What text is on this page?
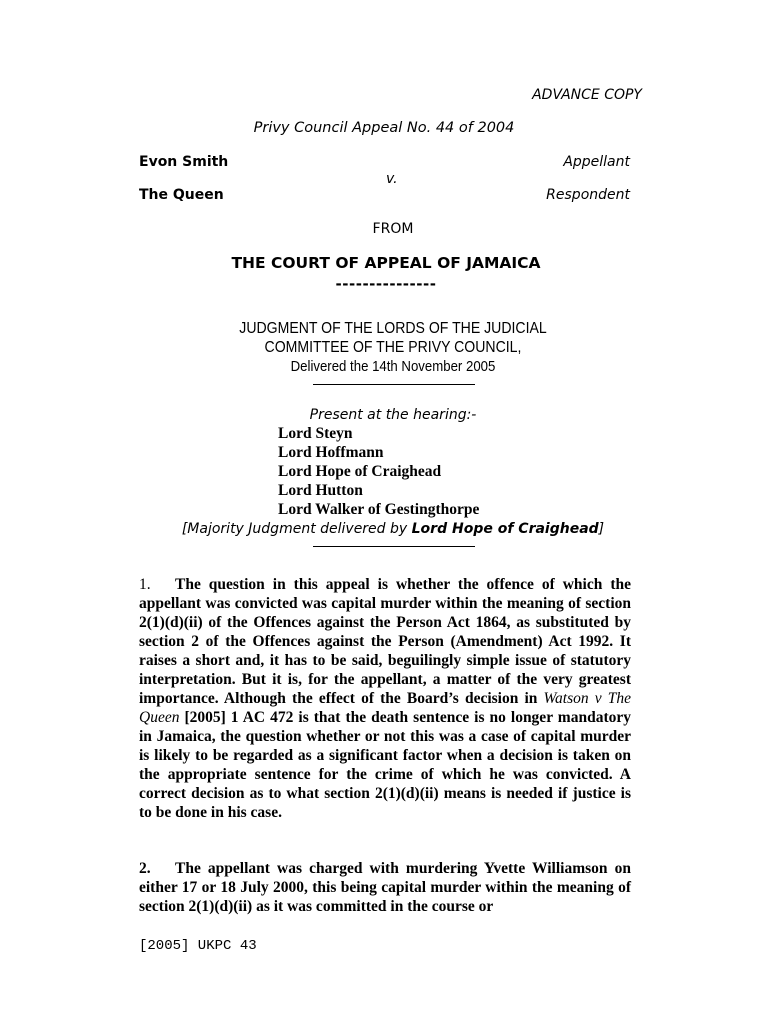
ADVANCE COPY
Privy Council Appeal No. 44 of 2004
Evon Smith	Appellant
v.
The Queen	Respondent
FROM
THE COURT OF APPEAL OF JAMAICA
---------------
JUDGMENT OF THE LORDS OF THE JUDICIAL
COMMITTEE OF THE PRIVY COUNCIL,
Delivered the 14th November 2005
Present at the hearing:-
Lord Steyn
Lord Hoffmann
Lord Hope of Craighead
Lord Hutton
Lord Walker of Gestingthorpe
[Majority Judgment delivered by Lord Hope of Craighead]
1. The question in this appeal is whether the offence of which the appellant was convicted was capital murder within the meaning of section 2(1)(d)(ii) of the Offences against the Person Act 1864, as substituted by section 2 of the Offences against the Person (Amendment) Act 1992. It raises a short and, it has to be said, beguilingly simple issue of statutory interpretation. But it is, for the appellant, a matter of the very greatest importance. Although the effect of the Board’s decision in Watson v The Queen [2005] 1 AC 472 is that the death sentence is no longer mandatory in Jamaica, the question whether or not this was a case of capital murder is likely to be regarded as a significant factor when a decision is taken on the appropriate sentence for the crime of which he was convicted. A correct decision as to what section 2(1)(d)(ii) means is needed if justice is to be done in his case.
2. The appellant was charged with murdering Yvette Williamson on either 17 or 18 July 2000, this being capital murder within the meaning of section 2(1)(d)(ii) as it was committed in the course or
[2005] UKPC 43
